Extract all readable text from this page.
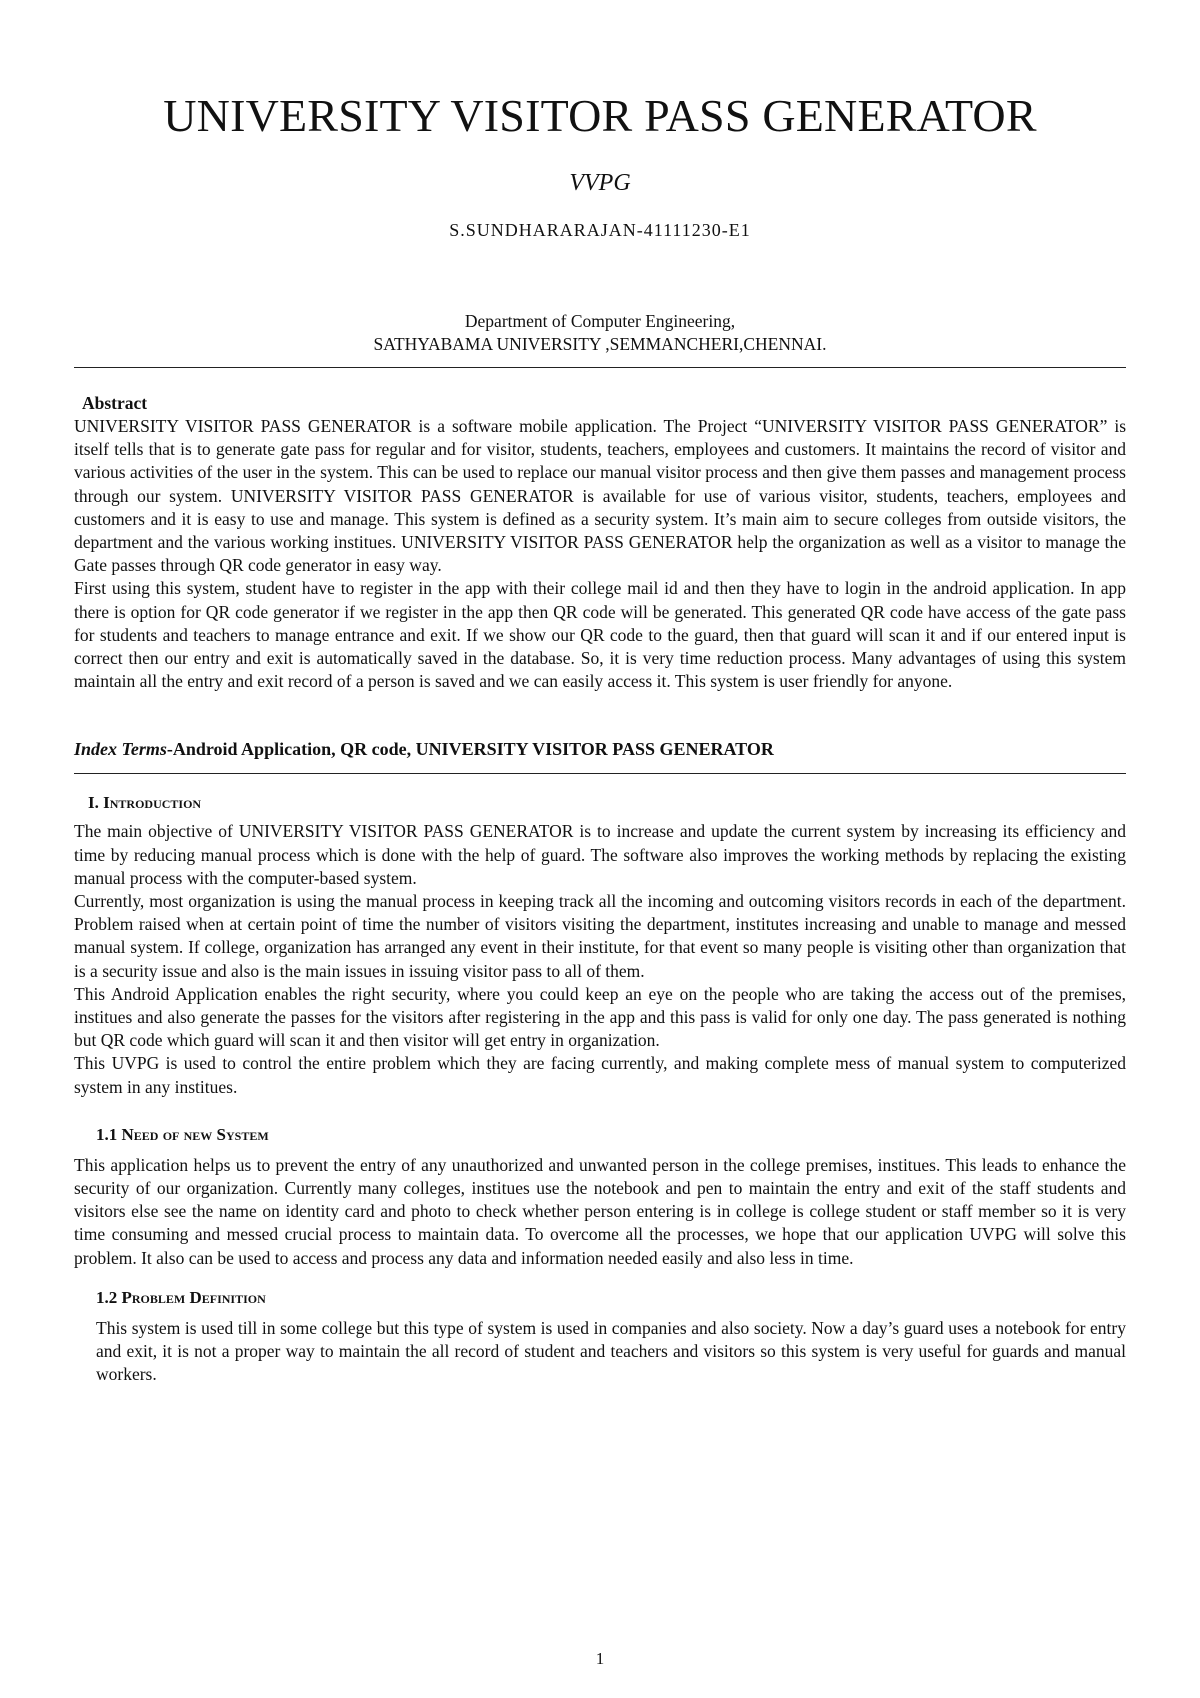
UNIVERSITY VISITOR PASS GENERATOR

VVPG

S.SUNDHARARAJAN-41111230-E1

Department of Computer Engineering,
SATHYABAMA UNIVERSITY ,SEMMANCHERI,CHENNAI.
Abstract

UNIVERSITY VISITOR PASS GENERATOR is a software mobile application. The Project “UNIVERSITY VISITOR PASS GENERATOR” is itself tells that is to generate gate pass for regular and for visitor, students, teachers, employees and customers. It maintains the record of visitor and various activities of the user in the system. This can be used to replace our manual visitor process and then give them passes and management process through our system. UNIVERSITY VISITOR PASS GENERATOR is available for use of various visitor, students, teachers, employees and customers and it is easy to use and manage. This system is defined as a security system. It’s main aim to secure colleges from outside visitors, the department and the various working institues. UNIVERSITY VISITOR PASS GENERATOR help the organization as well as a visitor to manage the Gate passes through QR code generator in easy way.

First using this system, student have to register in the app with their college mail id and then they have to login in the android application. In app there is option for QR code generator if we register in the app then QR code will be generated. This generated QR code have access of the gate pass for students and teachers to manage entrance and exit. If we show our QR code to the guard, then that guard will scan it and if our entered input is correct then our entry and exit is automatically saved in the database. So, it is very time reduction process. Many advantages of using this system maintain all the entry and exit record of a person is saved and we can easily access it. This system is user friendly for anyone.

Index Terms-Android Application, QR code, UNIVERSITY VISITOR PASS GENERATOR
I. Introduction

The main objective of UNIVERSITY VISITOR PASS GENERATOR is to increase and update the current system by increasing its efficiency and time by reducing manual process which is done with the help of guard. The software also improves the working methods by replacing the existing manual process with the computer-based system.

Currently, most organization is using the manual process in keeping track all the incoming and outcoming visitors records in each of the department. Problem raised when at certain point of time the number of visitors visiting the department, institutes increasing and unable to manage and messed manual system. If college, organization has arranged any event in their institute, for that event so many people is visiting other than organization that is a security issue and also is the main issues in issuing visitor pass to all of them.

This Android Application enables the right security, where you could keep an eye on the people who are taking the access out of the premises, institues and also generate the passes for the visitors after registering in the app and this pass is valid for only one day. The pass generated is nothing but QR code which guard will scan it and then visitor will get entry in organization.

This UVPG is used to control the entire problem which they are facing currently, and making complete mess of manual system to computerized system in any institues.

1.1 Need of new System

This application helps us to prevent the entry of any unauthorized and unwanted person in the college premises, institues. This leads to enhance the security of our organization. Currently many colleges, institues use the notebook and pen to maintain the entry and exit of the staff students and visitors else see the name on identity card and photo to check whether person entering is in college is college student or staff member so it is very time consuming and messed crucial process to maintain data. To overcome all the processes, we hope that our application UVPG will solve this problem. It also can be used to access and process any data and information needed easily and also less in time.

1.2 Problem Definition

This system is used till in some college but this type of system is used in companies and also society. Now a day’s guard uses a notebook for entry and exit, it is not a proper way to maintain the all record of student and teachers and visitors so this system is very useful for guards and manual workers.

1
